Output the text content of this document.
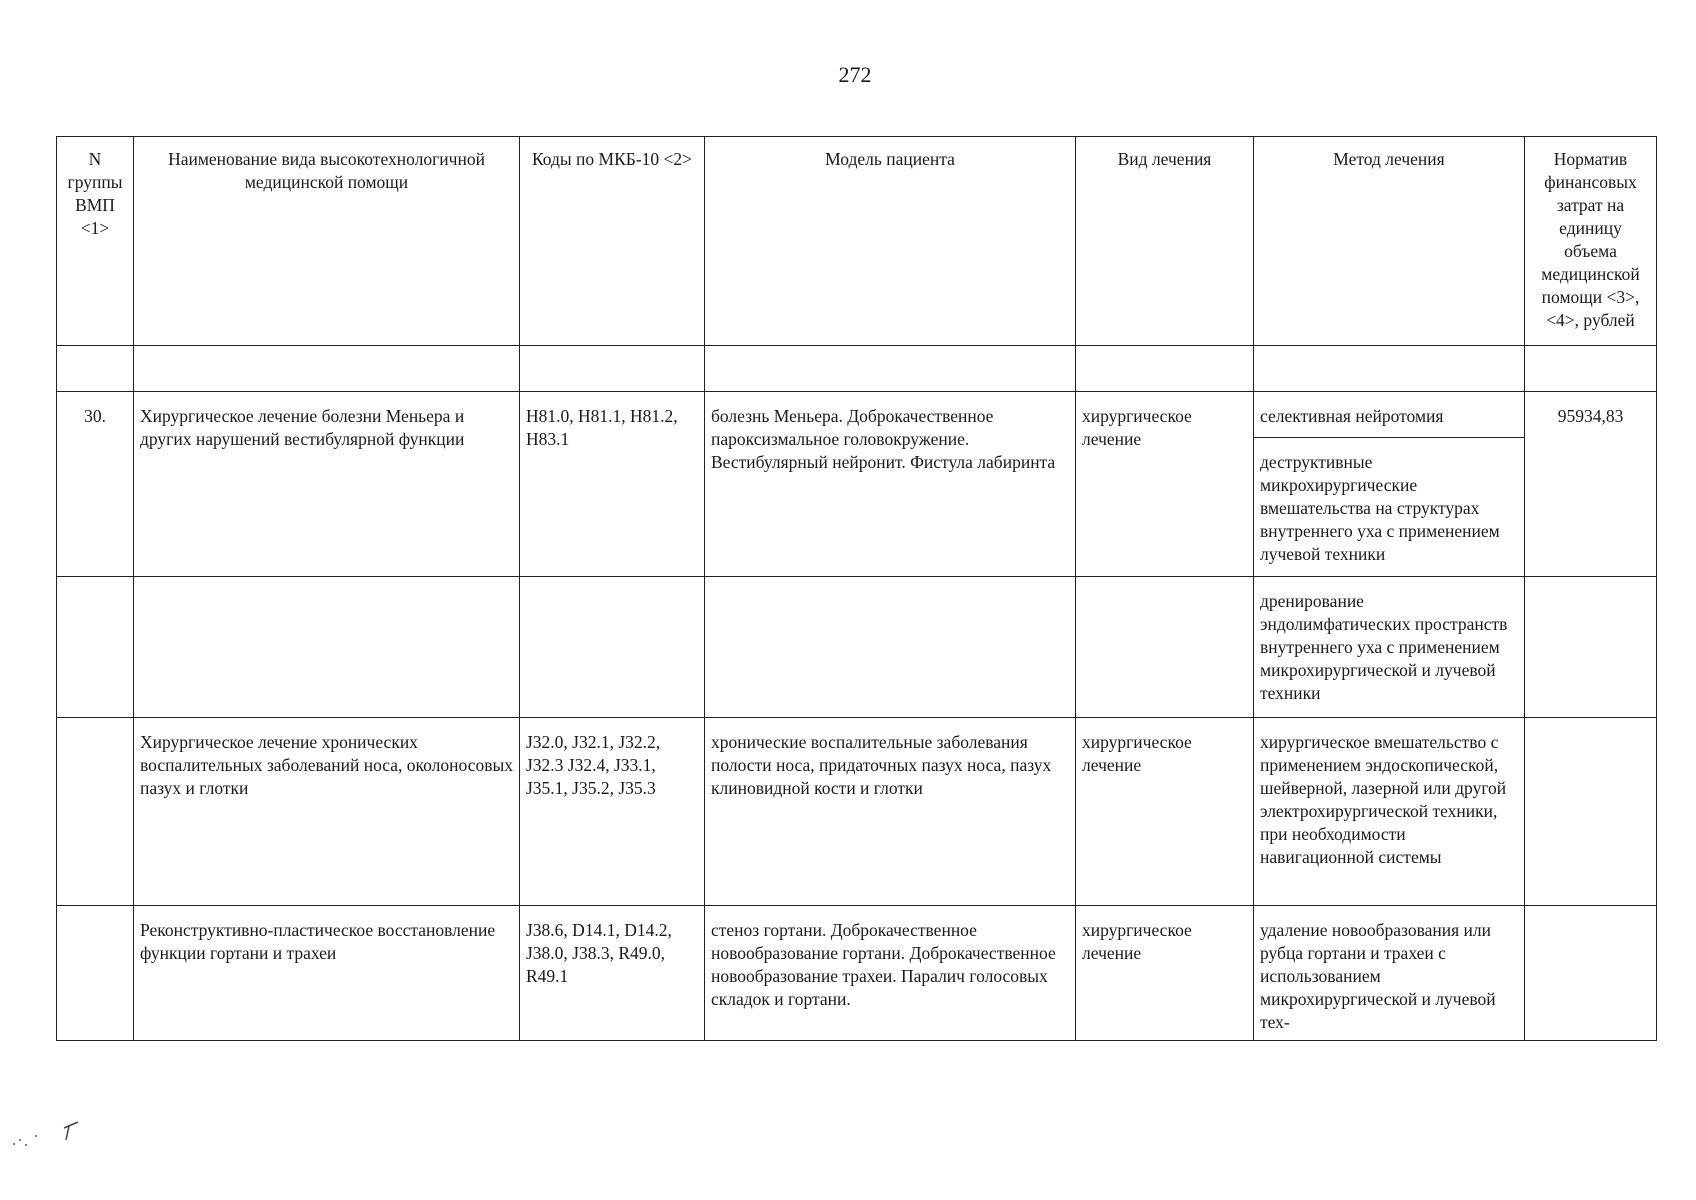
272
N группы ВМП <1>	Наименование вида высокотехнологичной медицинской помощи	Коды по МКБ-10 <2>	Модель пациента	Вид лечения	Метод лечения	Норматив финансовых затрат на единицу объема медицинской помощи <3>, <4>, рублей

30.	Хирургическое лечение болезни Меньера и других нарушений вестибулярной функции	H81.0, H81.1, H81.2, H83.1	болезнь Меньера. Доброкачественное пароксизмальное головокружение. Вестибулярный нейронит. Фистула лабиринта	хирургическое лечение	селективная нейротомия	95934,83
					деструктивные микрохирургические вмешательства на структурах внутреннего уха с применением лучевой техники	
					дренирование эндолимфатических пространств внутреннего уха с применением микрохирургической и лучевой техники	
	Хирургическое лечение хронических воспалительных заболеваний носа, околоносовых пазух и глотки	J32.0, J32.1, J32.2, J32.3 J32.4, J33.1, J35.1, J35.2, J35.3	хронические воспалительные заболевания полости носа, придаточных пазух носа, пазух клиновидной кости и глотки	хирургическое лечение	хирургическое вмешательство с применением эндоскопической, шейверной, лазерной или другой электрохирургической техники, при необходимости навигационной системы	
	Реконструктивно-пластическое восстановление функции гортани и трахеи	J38.6, D14.1, D14.2, J38.0, J38.3, R49.0, R49.1	стеноз гортани. Доброкачественное новообразование гортани. Доброкачественное новообразование трахеи. Паралич голосовых складок и гортани.	хирургическое лечение	удаление новообразования или рубца гортани и трахеи с использованием микрохирургической и лучевой тех-	
